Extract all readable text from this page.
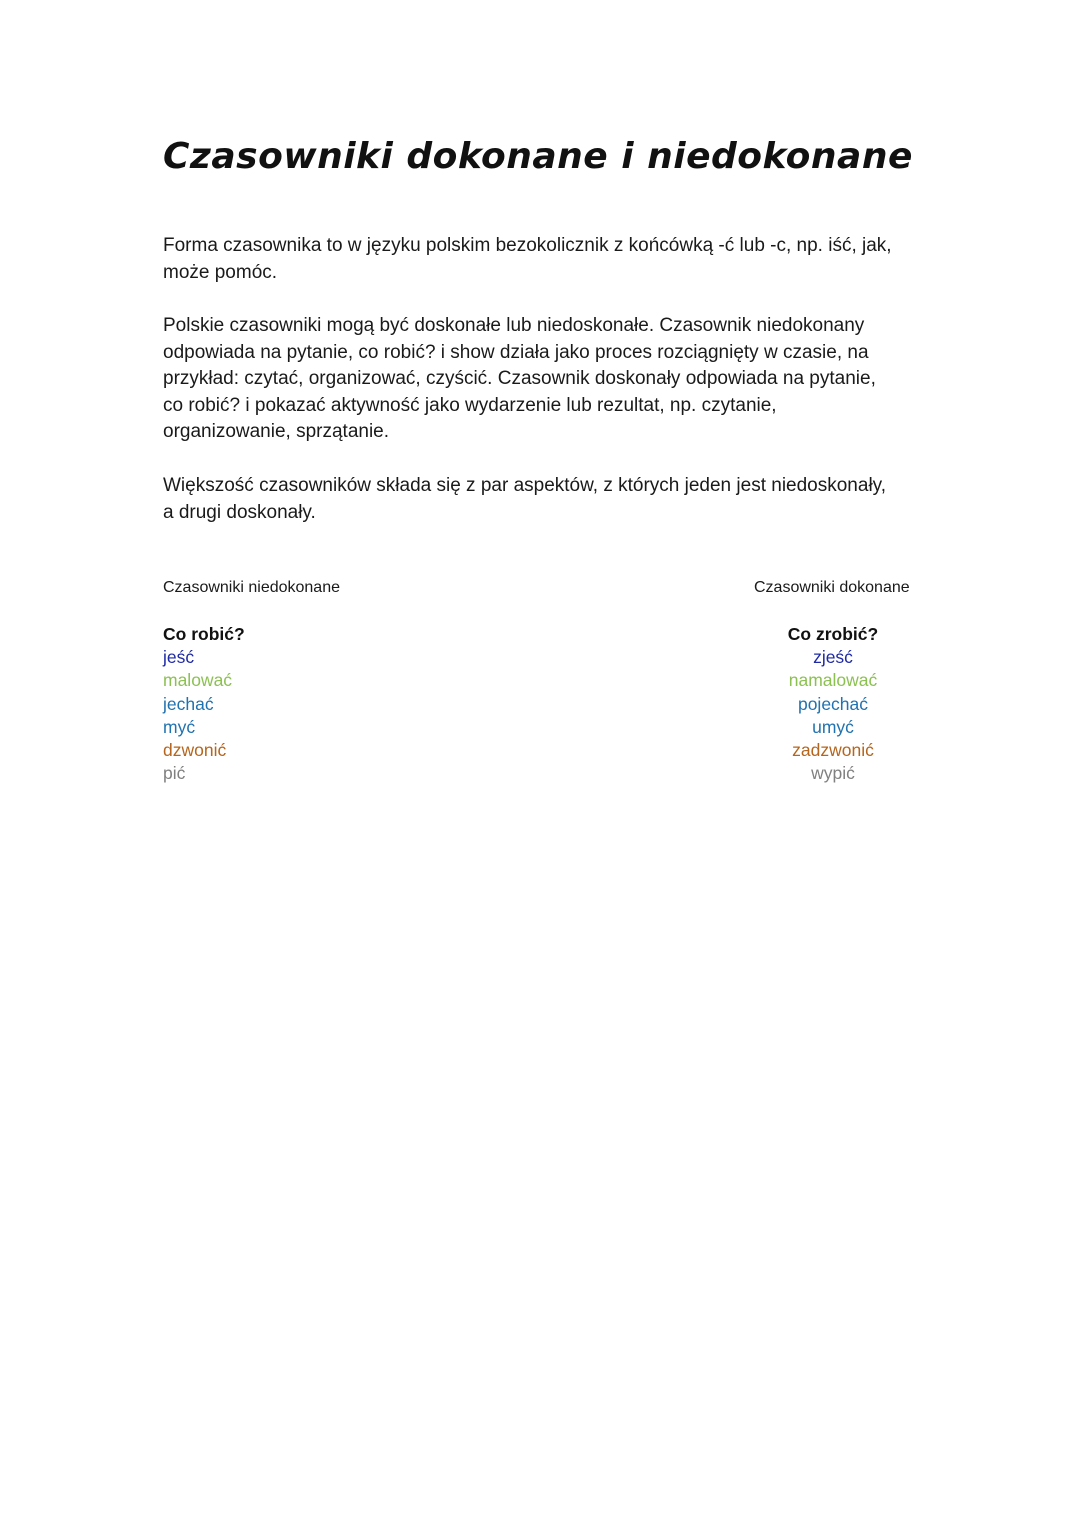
Czasowniki dokonane i niedokonane

Forma czasownika to w języku polskim bezokolicznik z końcówką -ć lub -c, np. iść, jak,
może pomóc.

Polskie czasowniki mogą być doskonałe lub niedoskonałe. Czasownik niedokonany
odpowiada na pytanie, co robić? i show działa jako proces rozciągnięty w czasie, na
przykład: czytać, organizować, czyścić. Czasownik doskonały odpowiada na pytanie,
co robić? i pokazać aktywność jako wydarzenie lub rezultat, np. czytanie,
organizowanie, sprzątanie.

Większość czasowników składa się z par aspektów, z których jeden jest niedoskonały,
a drugi doskonały.

Czasowniki niedokonane	Czasowniki dokonane
Co robić?
jeść
malować
jechać
myć
dzwonić
pić
Co zrobić?
zjeść
namalować
pojechać
umyć
zadzwonić
wypić
